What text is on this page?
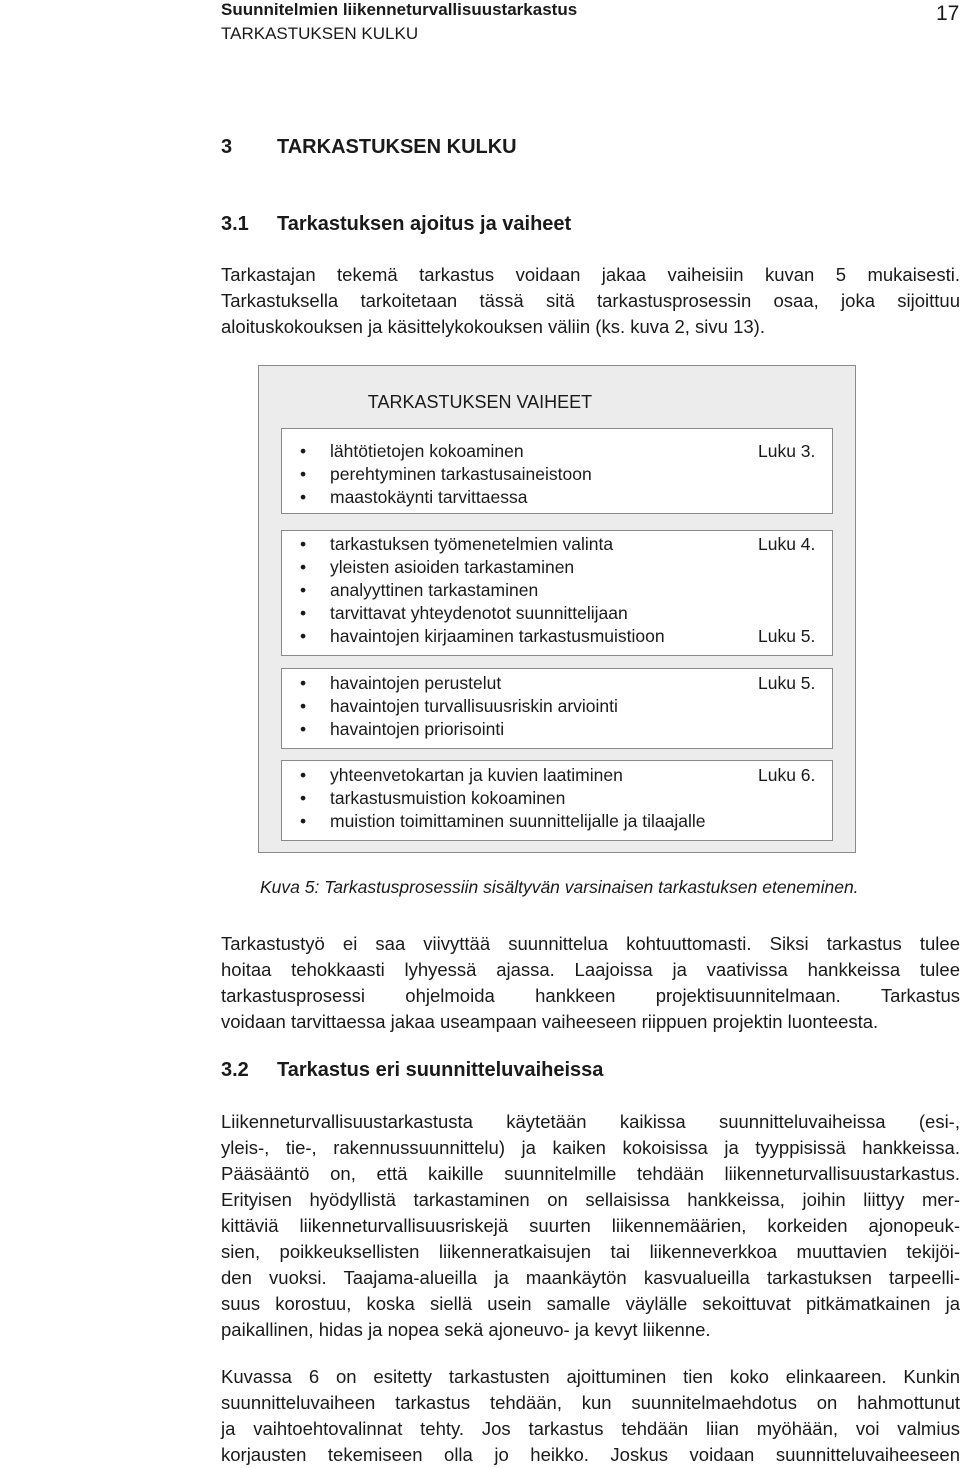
Suunnitelmien liikenneturvallisuustarkastus
TARKASTUKSEN KULKU
17
3 TARKASTUKSEN KULKU
3.1 Tarkastuksen ajoitus ja vaiheet
Tarkastajan tekemä tarkastus voidaan jakaa vaiheisiin kuvan 5 mukaisesti.
Tarkastuksella tarkoitetaan tässä sitä tarkastusprosessin osaa, joka sijoittuu
aloituskokouksen ja käsittelykokouksen väliin (ks. kuva 2, sivu 13).
TARKASTUKSEN VAIHEET
• lähtötietojen kokoaminen	Luku 3.
• perehtyminen tarkastusaineistoon
• maastokäynti tarvittaessa
• tarkastuksen työmenetelmien valinta	Luku 4.
• yleisten asioiden tarkastaminen
• analyyttinen tarkastaminen
• tarvittavat yhteydenotot suunnittelijaan
• havaintojen kirjaaminen tarkastusmuistioon	Luku 5.
• havaintojen perustelut	Luku 5.
• havaintojen turvallisuusriskin arviointi
• havaintojen priorisointi
• yhteenvetokartan ja kuvien laatiminen	Luku 6.
• tarkastusmuistion kokoaminen
• muistion toimittaminen suunnittelijalle ja tilaajalle
Kuva 5: Tarkastusprosessiin sisältyvän varsinaisen tarkastuksen eteneminen.
Tarkastustyö ei saa viivyttää suunnittelua kohtuuttomasti. Siksi tarkastus tulee
hoitaa tehokkaasti lyhyessä ajassa. Laajoissa ja vaativissa hankkeissa tulee
tarkastusprosessi ohjelmoida hankkeen projektisuunnitelmaan. Tarkastus
voidaan tarvittaessa jakaa useampaan vaiheeseen riippuen projektin luonteesta.
3.2 Tarkastus eri suunnitteluvaiheissa
Liikenneturvallisuustarkastusta käytetään kaikissa suunnitteluvaiheissa (esi-,
yleis-, tie-, rakennussuunnittelu) ja kaiken kokoisissa ja tyyppisissä hankkeissa.
Pääsääntö on, että kaikille suunnitelmille tehdään liikenneturvallisuustarkastus.
Erityisen hyödyllistä tarkastaminen on sellaisissa hankkeissa, joihin liittyy mer-
kittäviä liikenneturvallisuusriskejä suurten liikennemäärien, korkeiden ajonopeuk-
sien, poikkeuksellisten liikenneratkaisujen tai liikenneverkkoa muuttavien tekijöi-
den vuoksi. Taajama-alueilla ja maankäytön kasvualueilla tarkastuksen tarpeelli-
suus korostuu, koska siellä usein samalle väylälle sekoittuvat pitkämatkainen ja
paikallinen, hidas ja nopea sekä ajoneuvo- ja kevyt liikenne.
Kuvassa 6 on esitetty tarkastusten ajoittuminen tien koko elinkaareen. Kunkin
suunnitteluvaiheen tarkastus tehdään, kun suunnitelmaehdotus on hahmottunut
ja vaihtoehtovalinnat tehty. Jos tarkastus tehdään liian myöhään, voi valmius
korjausten tekemiseen olla jo heikko. Joskus voidaan suunnitteluvaiheeseen
